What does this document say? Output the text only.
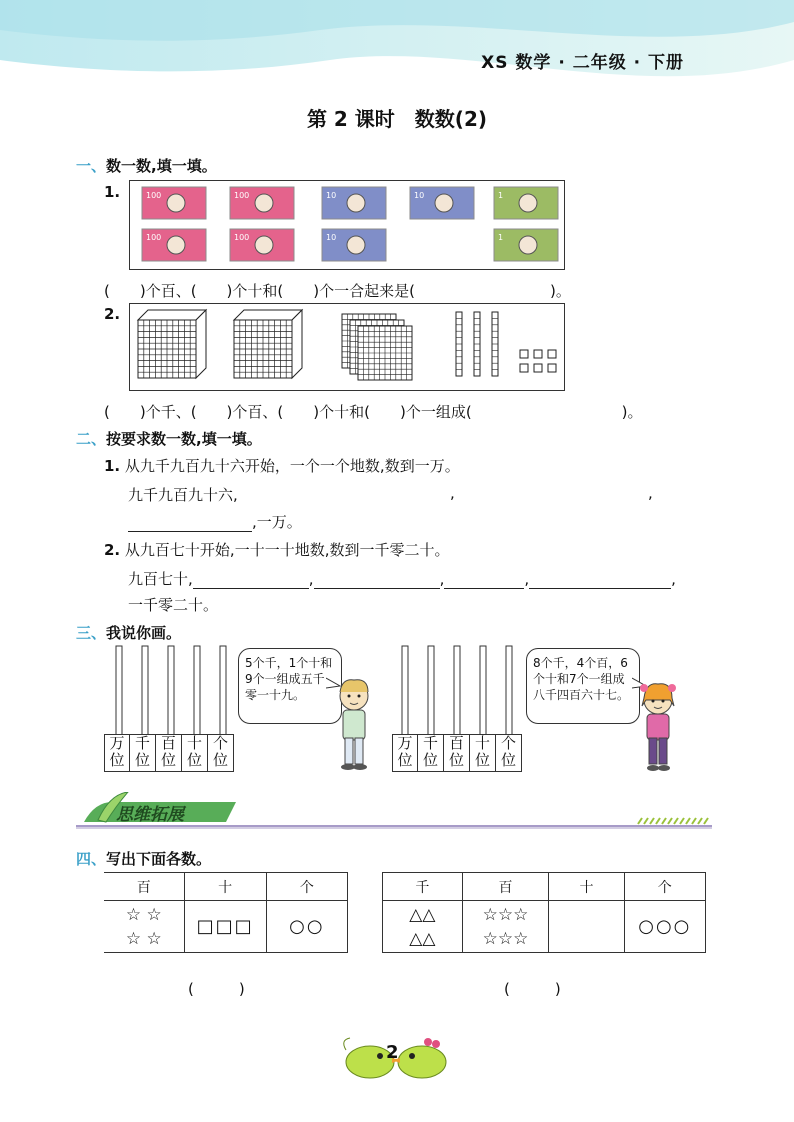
XS 数学 · 二年级 · 下册
第 2 课时　数数(2)
一、数一数,填一填。
1.	100	100	10	10	1
100	100	10	1
(　　)个百、(　　)个十和(　　)个一合起来是(　　　　　　　　　)。
2.
(　　)个千、(　　)个百、(　　)个十和(　　)个一组成(　　　　　　　　　　)。
二、按要求数一数,填一填。
1. 从九千九百九十六开始，一个一个地数,数到一万。
九千九百九十六,	,	,
,一万。
2. 从九百七十开始,一十一十地数,数到一千零二十。
九百七十,	,	,	,	,
一千零二十。
三、我说你画。
万位
千位
百位
十位
个位
5个千，1个十和9个一组成五千零一十九。
万位
千位
百位
十位
个位
8个千，4个百，6个十和7个一组成八千四百六十七。
思维拓展
四、写出下面各数。
百	十	个
☆ ☆
☆ ☆	□□□	○○
千	百	十	个
△△
△△	☆☆☆
☆☆☆		○○○
(　　　)	(　　　)
2
